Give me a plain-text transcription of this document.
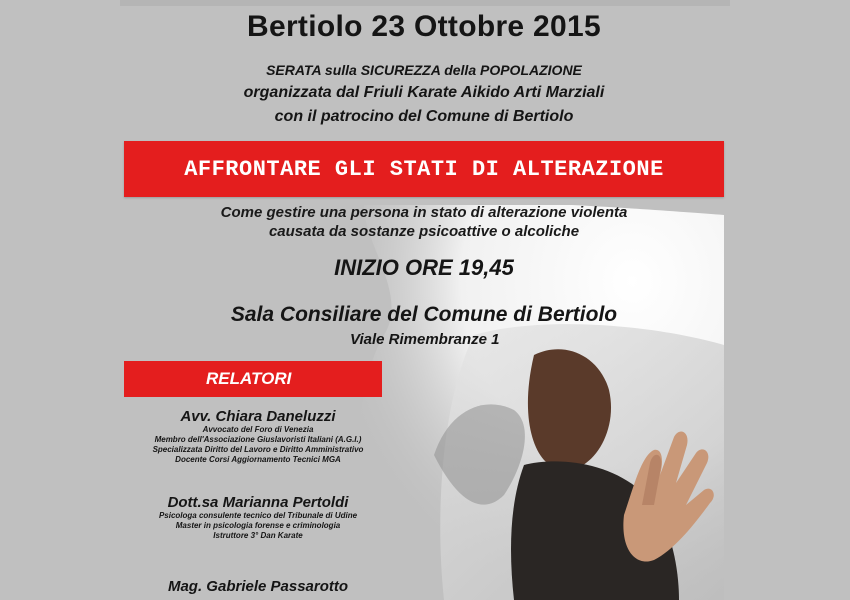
Bertiolo 23 Ottobre 2015
SERATA sulla SICUREZZA della POPOLAZIONE
organizzata dal Friuli Karate Aikido Arti Marziali
con il patrocino del Comune di Bertiolo
AFFRONTARE GLI STATI DI ALTERAZIONE
Come gestire una persona in stato di alterazione violenta
causata da sostanze psicoattive o alcoliche
INIZIO ORE 19,45
Sala Consiliare del Comune di Bertiolo
Viale Rimembranze 1
RELATORI
Avv. Chiara Daneluzzi
Avvocato del Foro di Venezia
Membro dell'Associazione Giuslavoristi Italiani (A.G.I.)
Specializzata Diritto del Lavoro e Diritto Amministrativo
Docente Corsi Aggiornamento Tecnici MGA
Dott.sa Marianna Pertoldi
Psicologa consulente tecnico del Tribunale di Udine
Master in psicologia forense e criminologia
Istruttore 3° Dan Karate
Mag. Gabriele Passarotto
